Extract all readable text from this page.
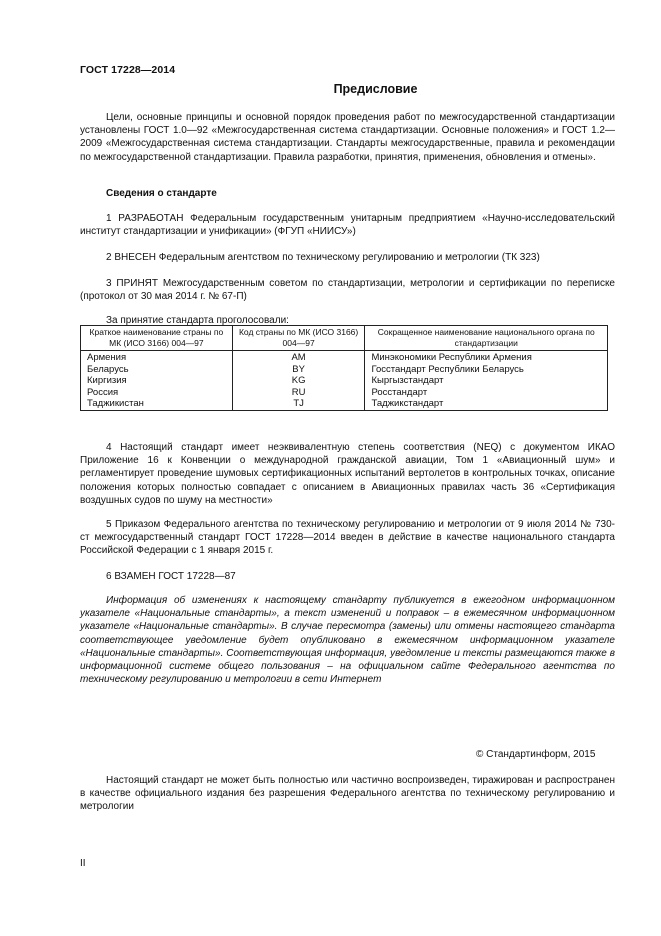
ГОСТ 17228—2014
Предисловие

Цели, основные принципы и основной порядок проведения работ по межгосударственной стандартизации установлены ГОСТ 1.0—92 «Межгосударственная система стандартизации. Основные положения» и ГОСТ 1.2—2009 «Межгосударственная система стандартизации. Стандарты межгосударственные, правила и рекомендации по межгосударственной стандартизации. Правила разработки, принятия, применения, обновления и отмены».

Сведения о стандарте

1 РАЗРАБОТАН Федеральным государственным унитарным предприятием «Научно-исследовательский институт стандартизации и унификации» (ФГУП «НИИСУ»)

2 ВНЕСЕН Федеральным агентством по техническому регулированию и метрологии (ТК 323)

3 ПРИНЯТ Межгосударственным советом по стандартизации, метрологии и сертификации по переписке (протокол от 30 мая 2014 г. № 67-П)

За принятие стандарта проголосовали:
Краткое наименование страны по МК (ИСО 3166) 004—97	Код страны по МК (ИСО 3166) 004—97	Сокращенное наименование национального органа по стандартизации
Армения	AM	Минэкономики Республики Армения
Беларусь	BY	Госстандарт Республики Беларусь
Киргизия	KG	Кыргызстандарт
Россия	RU	Росстандарт
Таджикистан	TJ	Таджикстандарт

4 Настоящий стандарт имеет неэквивалентную степень соответствия (NEQ) с документом ИКАО Приложение 16 к Конвенции о международной гражданской авиации, Том 1 «Авиационный шум» и регламентирует проведение шумовых сертификационных испытаний вертолетов в контрольных точках, описание положения которых полностью совпадает с описанием в Авиационных правилах часть 36 «Сертификация воздушных судов по шуму на местности»

5 Приказом Федерального агентства по техническому регулированию и метрологии от 9 июля 2014 № 730-ст межгосударственный стандарт ГОСТ 17228—2014 введен в действие в качестве национального стандарта Российской Федерации с 1 января 2015 г.

6 ВЗАМЕН ГОСТ 17228—87

Информация об изменениях к настоящему стандарту публикуется в ежегодном информационном указателе «Национальные стандарты», а текст изменений и поправок – в ежемесячном информационном указателе «Национальные стандарты». В случае пересмотра (замены) или отмены настоящего стандарта соответствующее уведомление будет опубликовано в ежемесячном информационном указателе «Национальные стандарты». Соответствующая информация, уведомление и тексты размещаются также в информационной системе общего пользования – на официальном сайте Федерального агентства по техническому регулированию и метрологии в сети Интернет

© Стандартинформ, 2015

Настоящий стандарт не может быть полностью или частично воспроизведен, тиражирован и распространен в качестве официального издания без разрешения Федерального агентства по техническому регулированию и метрологии

II
